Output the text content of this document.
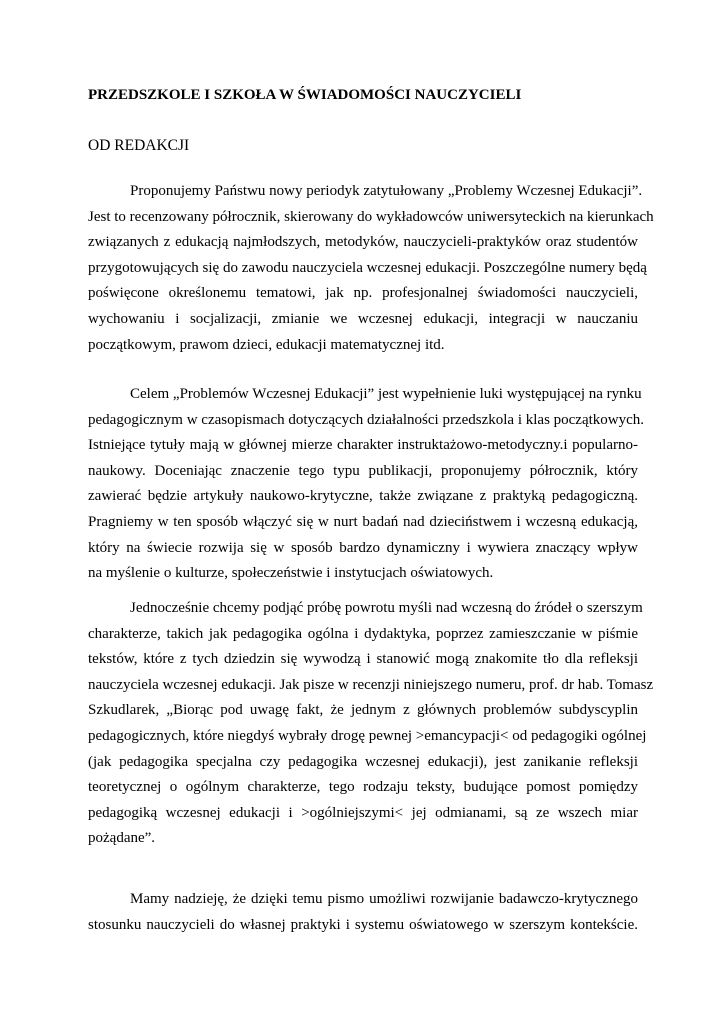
PRZEDSZKOLE I SZKOŁA W ŚWIADOMOŚCI NAUCZYCIELI
OD REDAKCJI
Proponujemy Państwu nowy periodyk zatytułowany „Problemy Wczesnej Edukacji”.
Jest to recenzowany półrocznik, skierowany do wykładowców uniwersyteckich na kierunkach
związanych z edukacją najmłodszych, metodyków, nauczycieli-praktyków oraz studentów
przygotowujących się do zawodu nauczyciela wczesnej edukacji. Poszczególne numery będą
poświęcone określonemu tematowi, jak np. profesjonalnej świadomości nauczycieli,
wychowaniu i socjalizacji, zmianie we wczesnej edukacji, integracji w nauczaniu
początkowym, prawom dzieci, edukacji matematycznej itd.
Celem „Problemów Wczesnej Edukacji” jest wypełnienie luki występującej na rynku
pedagogicznym w czasopismach dotyczących działalności przedszkola i klas początkowych.
Istniejące tytuły mają w głównej mierze charakter instruktażowo-metodyczny.i popularno-
naukowy. Doceniając znaczenie tego typu publikacji, proponujemy półrocznik, który
zawierać będzie artykuły naukowo-krytyczne, także związane z praktyką pedagogiczną.
Pragniemy w ten sposób włączyć się w nurt badań nad dzieciństwem i wczesną edukacją,
który na świecie rozwija się w sposób bardzo dynamiczny i wywiera znaczący wpływ
na myślenie o kulturze, społeczeństwie i instytucjach oświatowych.
Jednocześnie chcemy podjąć próbę powrotu myśli nad wczesną do źródeł o szerszym
charakterze, takich jak pedagogika ogólna i dydaktyka, poprzez zamieszczanie w piśmie
tekstów, które z tych dziedzin się wywodzą i stanowić mogą znakomite tło dla refleksji
nauczyciela wczesnej edukacji. Jak pisze w recenzji niniejszego numeru, prof. dr hab. Tomasz
Szkudlarek, „Biorąc pod uwagę fakt, że jednym z głównych problemów subdyscyplin
pedagogicznych, które niegdyś wybrały drogę pewnej >emancypacji< od pedagogiki ogólnej
(jak pedagogika specjalna czy pedagogika wczesnej edukacji), jest zanikanie refleksji
teoretycznej o ogólnym charakterze, tego rodzaju teksty, budujące pomost pomiędzy
pedagogiką wczesnej edukacji i >ogólniejszymi< jej odmianami, są ze wszech miar
pożądane”.
Mamy nadzieję, że dzięki temu pismo umożliwi rozwijanie badawczo-krytycznego
stosunku nauczycieli do własnej praktyki i systemu oświatowego w szerszym kontekście.
